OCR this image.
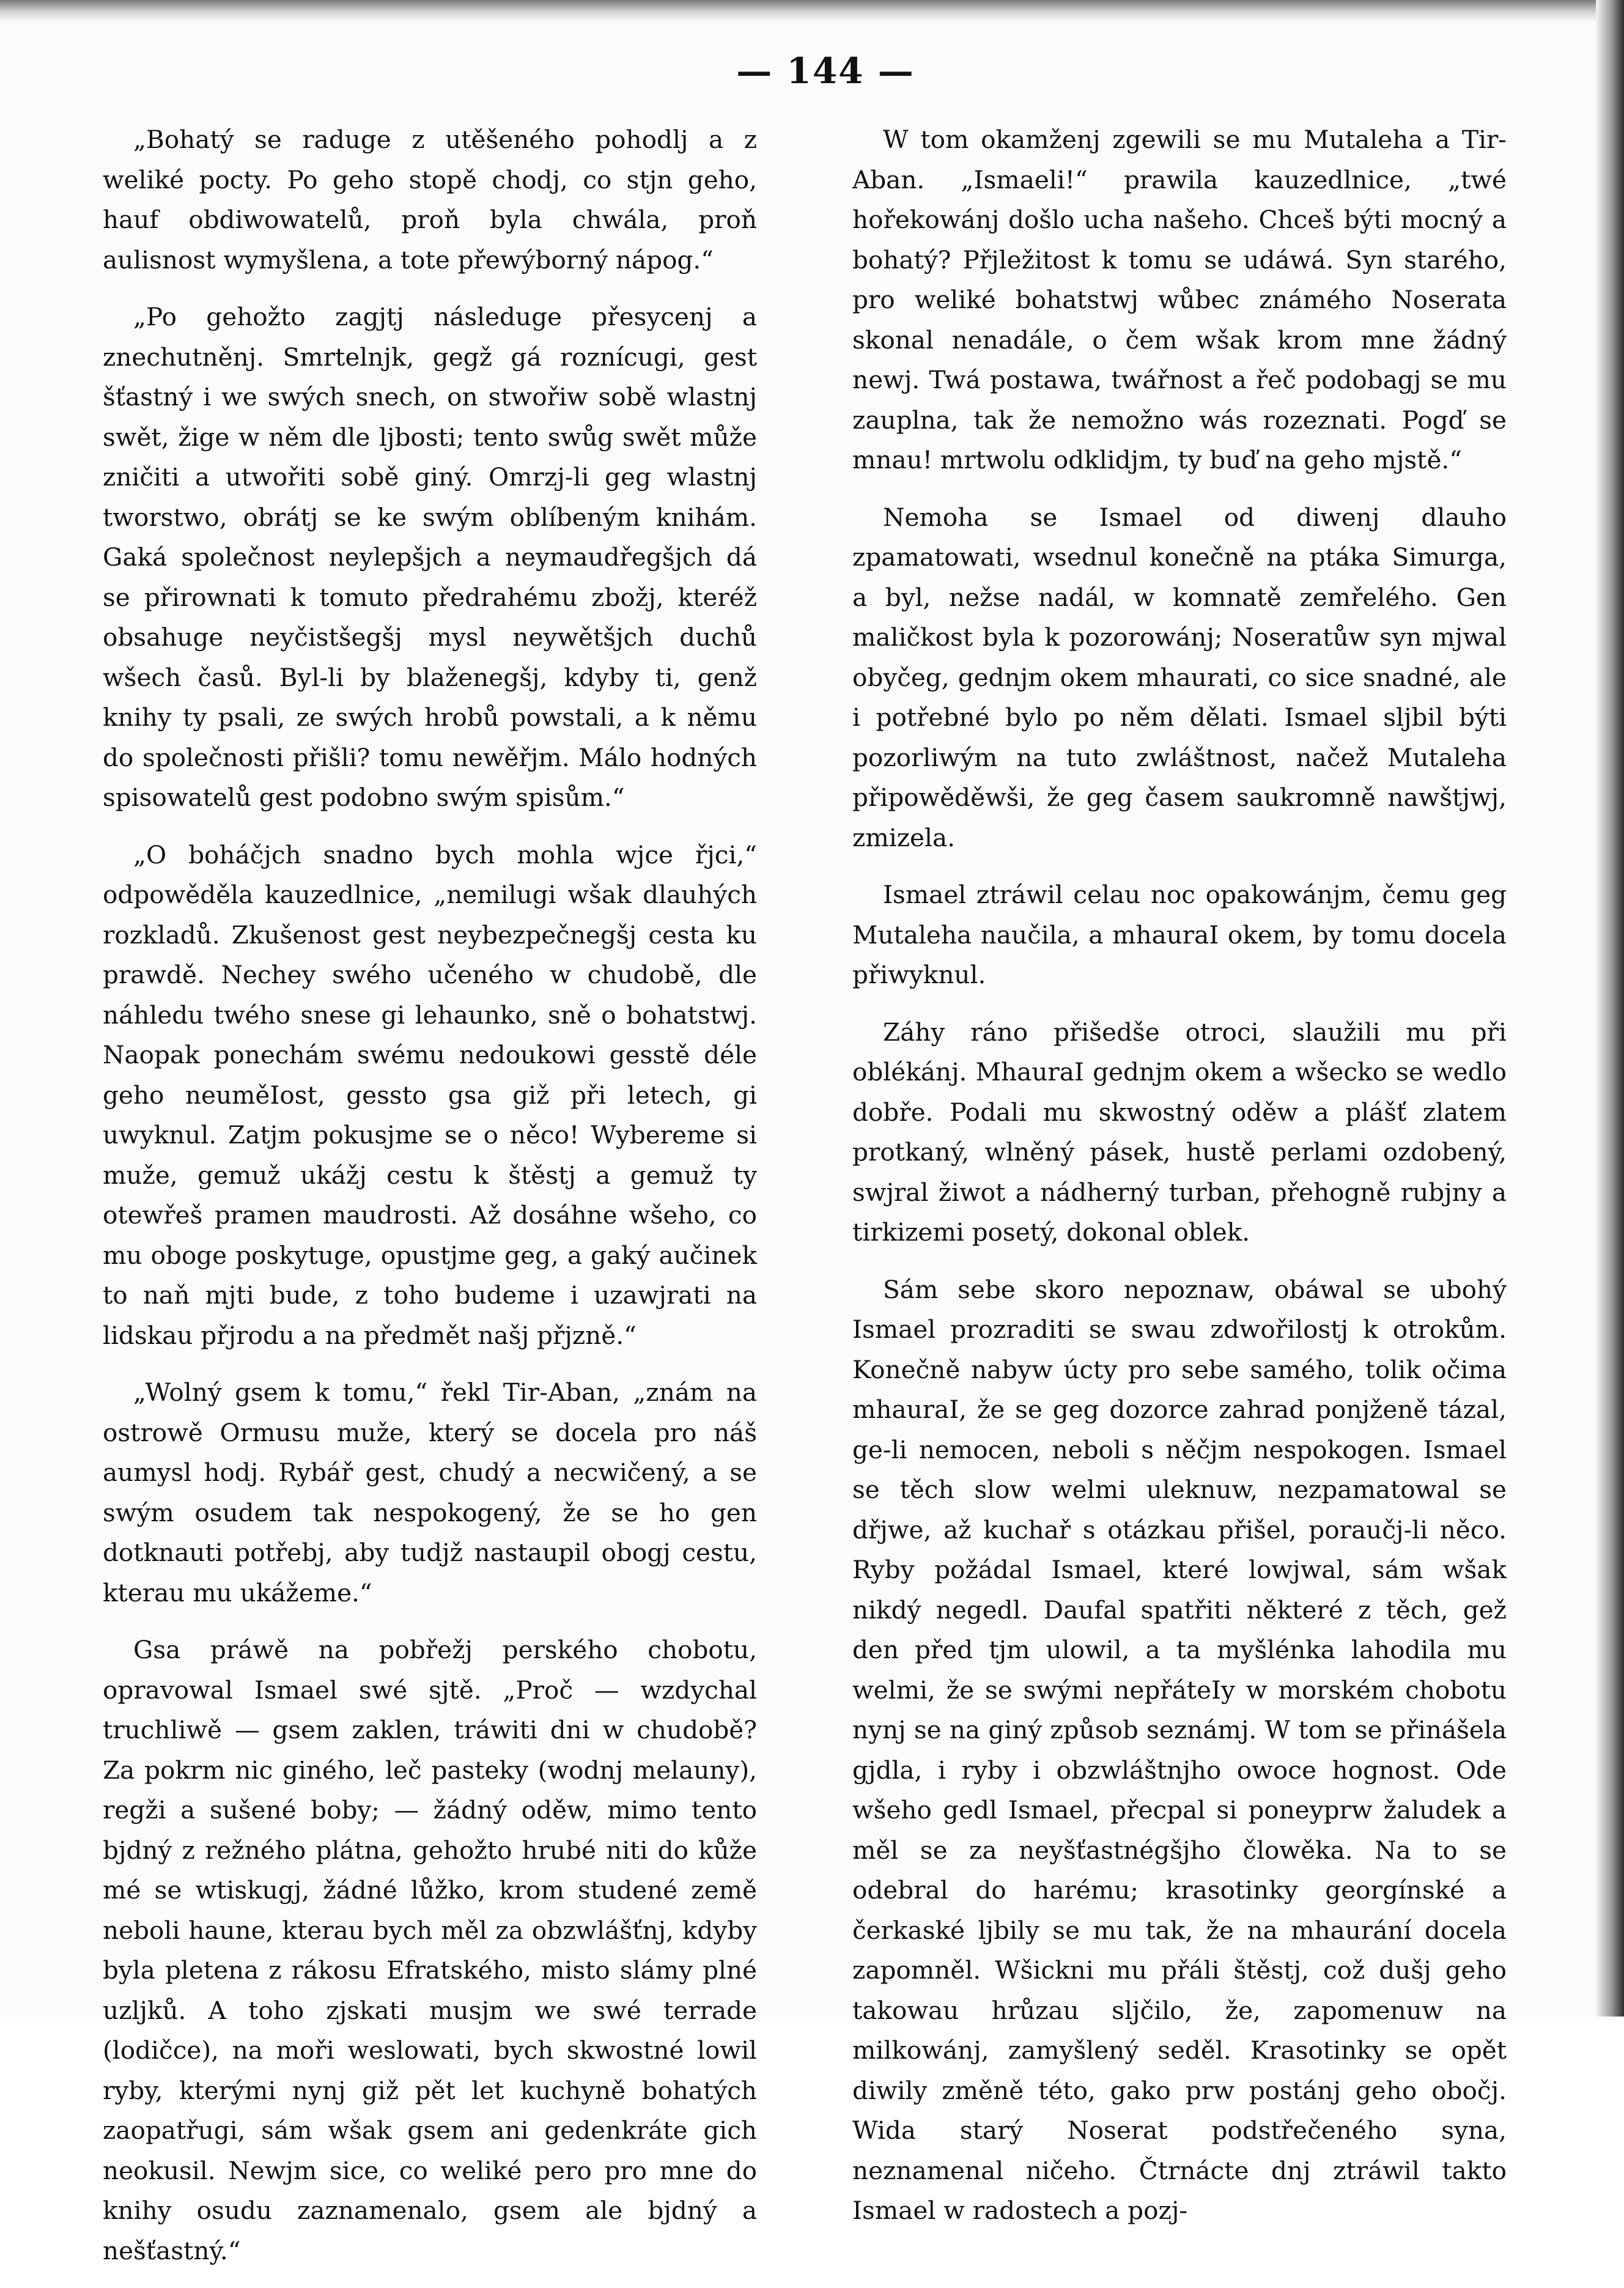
— 144 —

„Bohatý se raduge z utěšeného pohodlj a z weliké pocty. Po geho stopě chodj, co stjn geho, hauf obdiwowatelů, proň byla chwála, proň aulisnost wymyšlena, a tote přewýborný nápog.“

„Po gehožto zagjtj následuge přesycenj a znechutněnj. Smrtelnjk, gegž gá roznícugi, gest šťastný i we swých snech, on stwořiw sobě wlastnj swět, žige w něm dle ljbosti; tento swůg swět může zničiti a utwořiti sobě giný. Omrzj-li geg wlastnj tworstwo, obrátj se ke swým oblíbeným knihám. Gaká společnost neylepšjch a neymaudřegšjch dá se přirownati k tomuto předrahému zbožj, kteréž obsahuge neyčistšegšj mysl neywětšjch duchů wšech časů. Byl-li by blaženegšj, kdyby ti, genž knihy ty psali, ze swých hrobů powstali, a k němu do společnosti přišli? tomu newěřjm. Málo hodných spisowatelů gest podobno swým spisům.“

„O boháčjch snadno bych mohla wjce řjci,“ odpowěděla kauzedlnice, „nemilugi wšak dlauhých rozkladů. Zkušenost gest neybezpečnegšj cesta ku prawdě. Nechey swého učeného w chudobě, dle náhledu twého snese gi lehaunko, sně o bohatstwj. Naopak ponechám swému nedoukowi gesstě déle geho neuměIost, gessto gsa giž při letech, gi uwyknul. Zatjm pokusjme se o něco! Wybereme si muže, gemuž ukážj cestu k štěstj a gemuž ty otewřeš pramen maudrosti. Až dosáhne wšeho, co mu oboge poskytuge, opustjme geg, a gaký aučinek to naň mjti bude, z toho budeme i uzawjrati na lidskau přjrodu a na předmět našj přjzně.“

„Wolný gsem k tomu,“ řekl Tir-Aban, „znám na ostrowě Ormusu muže, který se docela pro náš aumysl hodj. Rybář gest, chudý a necwičený, a se swým osudem tak nespokogený, že se ho gen dotknauti potřebj, aby tudjž nastaupil obogj cestu, kterau mu ukážeme.“

Gsa práwě na pobřežj perského chobotu, opravowal Ismael swé sjtě. „Proč — wzdychal truchliwě — gsem zaklen, tráwiti dni w chudobě? Za pokrm nic giného, leč pasteky (wodnj melauny), regži a sušené boby; — žádný oděw, mimo tento bjdný z režného plátna, gehožto hrubé niti do kůže mé se wtiskugj, žádné lůžko, krom studené země neboli haune, kterau bych měl za obzwlášťnj, kdyby byla pletena z rákosu Efratského, misto slámy plné uzljků. A toho zjskati musjm we swé terrade (lodičce), na moři weslowati, bych skwostné lowil ryby, kterými nynj giž pět let kuchyně bohatých zaopatřugi, sám wšak gsem ani gedenkráte gich neokusil. Newjm sice, co weliké pero pro mne do knihy osudu zaznamenalo, gsem ale bjdný a nešťastný.“

W tom okamženj zgewili se mu Mutaleha a Tir-Aban. „Ismaeli!“ prawila kauzedlnice, „twé hořekowánj došlo ucha našeho. Chceš býti mocný a bohatý? Přjležitost k tomu se udáwá. Syn starého, pro weliké bohatstwj wůbec známého Noserata skonal nenadále, o čem wšak krom mne žádný newj. Twá postawa, twářnost a řeč podobagj se mu zauplna, tak že nemožno wás rozeznati. Pogď se mnau! mrtwolu odklidjm, ty buď na geho mjstě.“

Nemoha se Ismael od diwenj dlauho zpamatowati, wsednul konečně na ptáka Simurga, a byl, nežse nadál, w komnatě zemřelého. Gen maličkost byla k pozorowánj; Noseratůw syn mjwal obyčeg, gednjm okem mhaurati, co sice snadné, ale i potřebné bylo po něm dělati. Ismael sljbil býti pozorliwým na tuto zwláštnost, načež Mutaleha připowěděwši, že geg časem saukromně nawštjwj, zmizela.

Ismael ztráwil celau noc opakowánjm, čemu geg Mutaleha naučila, a mhauraI okem, by tomu docela přiwyknul.

Záhy ráno přišedše otroci, slaužili mu při oblékánj. MhauraI gednjm okem a wšecko se wedlo dobře. Podali mu skwostný oděw a plášť zlatem protkaný, wlněný pásek, hustě perlami ozdobený, swjral žiwot a nádherný turban, přehogně rubjny a tirkizemi posetý, dokonal oblek.

Sám sebe skoro nepoznaw, obáwal se ubohý Ismael prozraditi se swau zdwořilostj k otrokům. Konečně nabyw úcty pro sebe samého, tolik očima mhauraI, že se geg dozorce zahrad ponjženě tázal, ge-li nemocen, neboli s něčjm nespokogen. Ismael se těch slow welmi uleknuw, nezpamatowal se dřjwe, až kuchař s otázkau přišel, poraučj-li něco. Ryby požádal Ismael, které lowjwal, sám wšak nikdý negedl. Daufal spatřiti některé z těch, gež den před tjm ulowil, a ta myšlénka lahodila mu welmi, že se swými nepřáteIy w morském chobotu nynj se na giný způsob seznámj. W tom se přinášela gjdla, i ryby i obzwláštnjho owoce hognost. Ode wšeho gedl Ismael, přecpal si poneyprw žaludek a měl se za neyšťastnégšjho člowěka. Na to se odebral do harému; krasotinky georgínské a čerkaské ljbily se mu tak, že na mhaurání docela zapomněl. Wšickni mu přáli štěstj, což dušj geho takowau hrůzau sljčilo, že, zapomenuw na milkowánj, zamyšlený seděl. Krasotinky se opět diwily změně této, gako prw postánj geho obočj. Wida starý Noserat podstřečeného syna, neznamenal ničeho. Čtrnácte dnj ztráwil takto Ismael w radostech a pozj-
